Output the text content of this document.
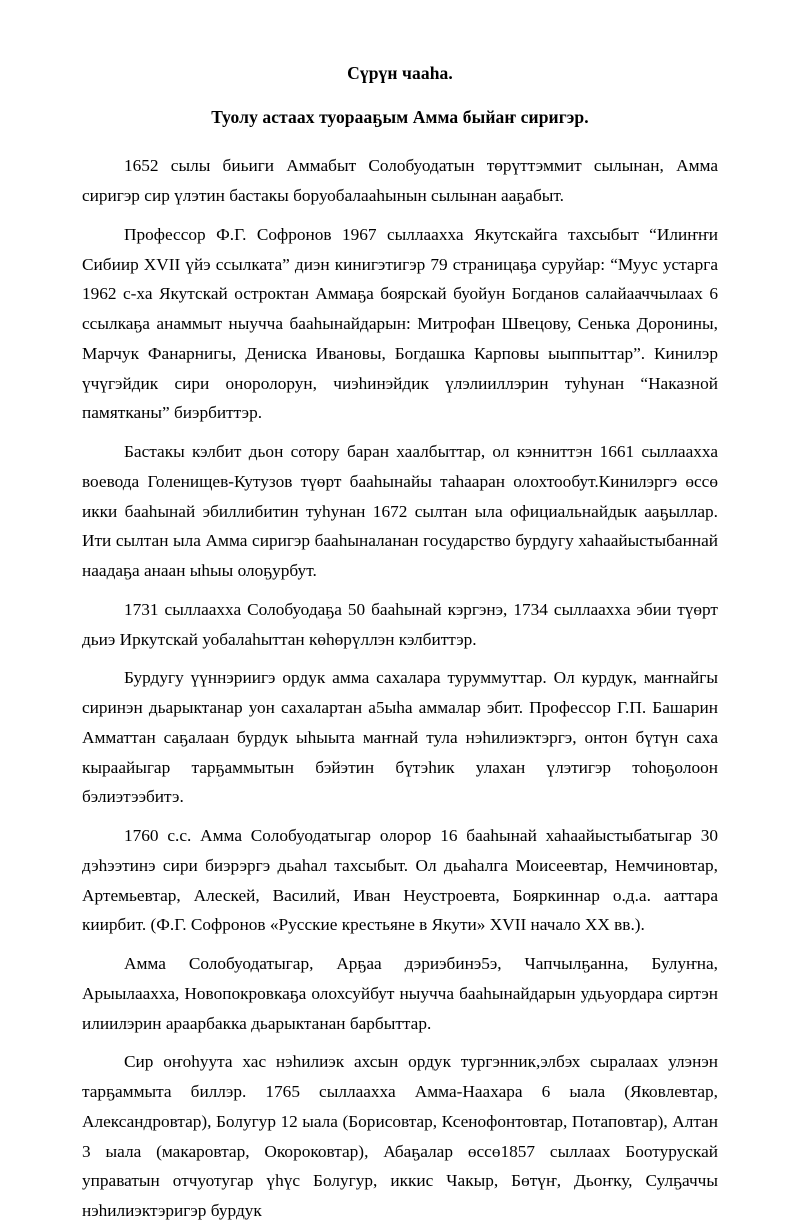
Сүрүн чааһа.
Туолу астаах туорааҕым Амма быйаҥ сиригэр.

1652 сылы биьиги Аммабыт Солобуодатын төрүттэммит сылынан, Амма сиригэр сир үлэтин бастакы боруобалааһынын сылынан ааҕабыт.

Профессор Ф.Г. Софронов 1967 сыллаахха Якутскайга тахсыбыт “Илиҥҥи Сибиир XVII үйэ ссылката” диэн кинигэтигэр 79 страницаҕа суруйар: “Муус устарга 1962 с-ха Якутскай остроктан Аммаҕа боярскай буойун Богданов салайааччылаах 6 ссылкаҕа анаммыт ныучча бааһынайдарын: Митрофан Швецову, Сенька Доронины, Марчук Фанарнигы, Дениска Ивановы, Богдашка Карповы ыыппыттар”. Кинилэр үчүгэйдик сири оноролорун, чиэһинэйдик үлэлииллэрин туһунан “Наказной памятканы” биэрбиттэр.

Бастакы кэлбит дьон сотору баран хаалбыттар, ол кэнниттэн 1661 сыллаахха воевода Голенищев-Кутузов түөрт бааһынайы таһааран олохтообут.Кинилэргэ өссө икки бааһынай эбиллибитин туһунан 1672 сылтан ыла официальнайдык ааҕыллар. Ити сылтан ыла Амма сиригэр бааһыналанан государство бурдугу хаһаайыстыбаннай наадаҕа анаан ыһыы олоҕурбут.

1731 сыллаахха Солобуодаҕа 50 бааһынай кэргэнэ, 1734 сыллаахха эбии түөрт дьиэ Иркутскай уобалаһыттан көһөрүллэн кэлбиттэр.

Бурдугу үүннэриигэ ордук амма сахалара туруммуттар. Ол курдук, маҥнайгы сиринэн дьарыктанар уон сахалартан а5ыһа аммалар эбит. Профессор Г.П. Башарин Амматтан саҕалаан бурдук ыһыыта маҥнай тула нэһилиэктэргэ, онтон бүтүн саха кыраайыгар тарҕаммытын бэйэтин бүтэһик улахан үлэтигэр тоһоҕолоон бэлиэтээбитэ.

1760 с.с. Амма Солобуодатыгар олорор 16 бааһынай хаһаайыстыбатыгар 30 дэһээтинэ сири биэрэргэ дьаһал тахсыбыт. Ол дьаһалга Моисеевтар, Немчиновтар, Артемьевтар, Алескей, Василий, Иван Неустроевта, Бояркиннар о.д.а. ааттара киирбит. (Ф.Г. Софронов «Русские крестьяне в Якути» XVII начало XX вв.).

Амма Солобуодатыгар, Арҕаа дэриэбинэ5э, Чапчылҕанна, Булуҥна, Арыылаахха, Новопокровкаҕа олохсуйбут ныучча бааһынайдарын удьуордара сиртэн илиилэрин араарбакка дьарыктанан барбыттар.

Сир оҥоһуута хас нэһилиэк ахсын ордук тургэнник,элбэх сыралаах улэнэн тарҕаммыта биллэр. 1765 сыллаахха Амма-Наахара 6 ыала (Яковлевтар, Александровтар), Болугур 12 ыала (Борисовтар, Ксенофонтовтар, Потаповтар), Алтан 3 ыала (макаровтар, Окороковтар), Абаҕалар өссө1857 сыллаах Боотурускай управатын отчуотугар үһүс Болугур, иккис Чакыр, Бөтүҥ, Дьоҥку, Сулҕаччы нэһилиэктэригэр бурдук
